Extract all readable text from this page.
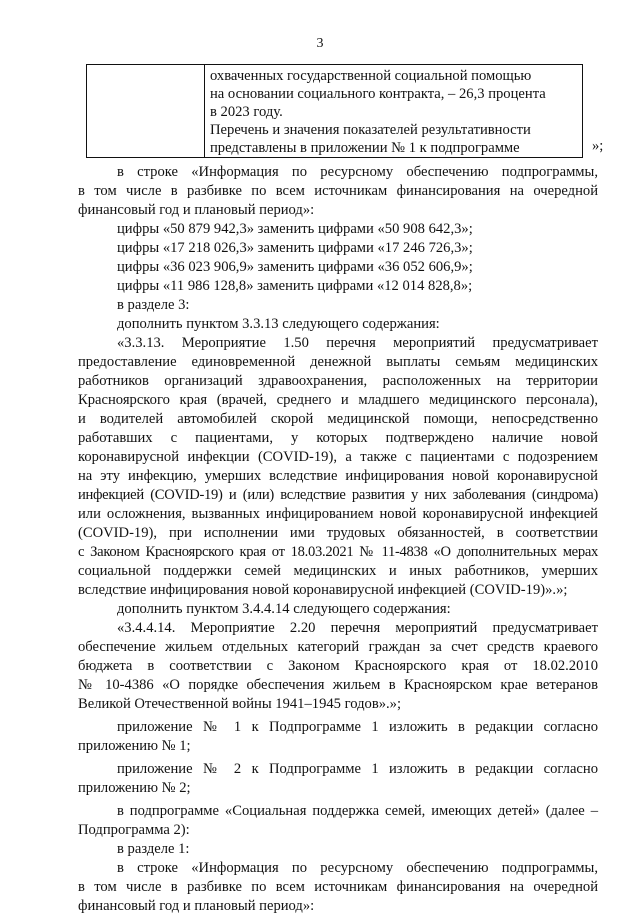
3
охваченных государственной социальной помощью
на основании социального контракта, – 26,3 процента
в 2023 году.
Перечень и значения показателей результативности
представлены в приложении № 1 к подпрограмме	»;
в строке «Информация по ресурсному обеспечению подпрограммы,
в том числе в разбивке по всем источникам финансирования на очередной
финансовый год и плановый период»:
цифры «50 879 942,3» заменить цифрами «50 908 642,3»;
цифры «17 218 026,3» заменить цифрами «17 246 726,3»;
цифры «36 023 906,9» заменить цифрами «36 052 606,9»;
цифры «11 986 128,8» заменить цифрами «12 014 828,8»;
в разделе 3:
дополнить пунктом 3.3.13 следующего содержания:
«3.3.13. Мероприятие 1.50 перечня мероприятий предусматривает
предоставление единовременной денежной выплаты семьям медицинских
работников организаций здравоохранения, расположенных на территории
Красноярского края (врачей, среднего и младшего медицинского персонала),
и водителей автомобилей скорой медицинской помощи, непосредственно
работавших с пациентами, у которых подтверждено наличие новой
коронавирусной инфекции (COVID-19), а также с пациентами с подозрением
на эту инфекцию, умерших вследствие инфицирования новой коронавирусной
инфекцией (COVID-19) и (или) вследствие развития у них заболевания (синдрома)
или осложнения, вызванных инфицированием новой коронавирусной инфекцией
(COVID-19), при исполнении ими трудовых обязанностей, в соответствии
с Законом Красноярского края от 18.03.2021 № 11-4838 «О дополнительных мерах
социальной поддержки семей медицинских и иных работников, умерших
вследствие инфицирования новой коронавирусной инфекцией (COVID-19)».»;
дополнить пунктом 3.4.4.14 следующего содержания:
«3.4.4.14. Мероприятие 2.20 перечня мероприятий предусматривает
обеспечение жильем отдельных категорий граждан за счет средств краевого
бюджета в соответствии с Законом Красноярского края от 18.02.2010
№ 10-4386 «О порядке обеспечения жильем в Красноярском крае ветеранов
Великой Отечественной войны 1941–1945 годов».»;
приложение № 1 к Подпрограмме 1 изложить в редакции согласно
приложению № 1;
приложение № 2 к Подпрограмме 1 изложить в редакции согласно
приложению № 2;
в подпрограмме «Социальная поддержка семей, имеющих детей» (далее –
Подпрограмма 2):
в разделе 1:
в строке «Информация по ресурсному обеспечению подпрограммы,
в том числе в разбивке по всем источникам финансирования на очередной
финансовый год и плановый период»:
